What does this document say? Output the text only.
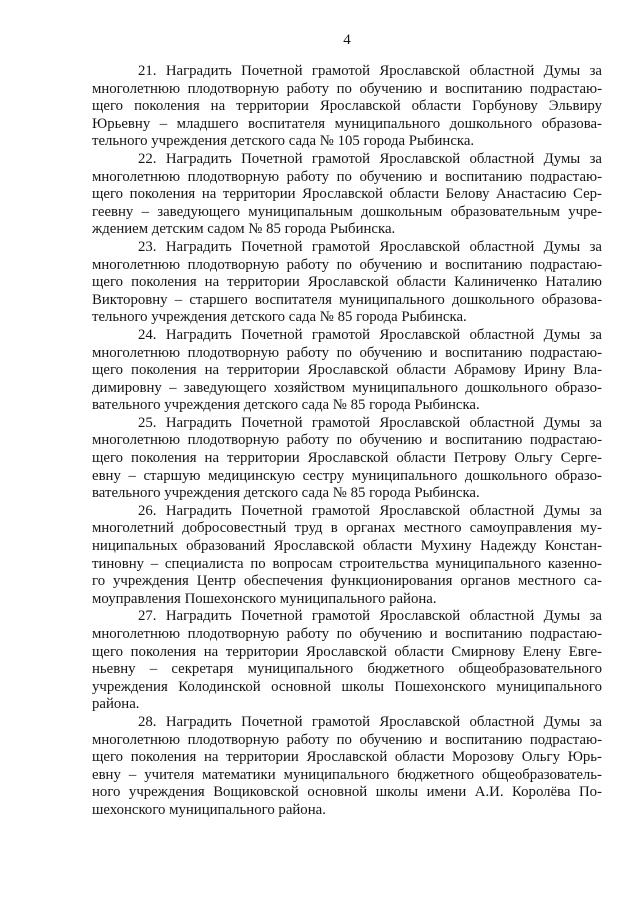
4
21. Наградить Почетной грамотой Ярославской областной Думы за
многолетнюю плодотворную работу по обучению и воспитанию подрастаю-
щего поколения на территории Ярославской области Горбунову Эльвиру
Юрьевну – младшего воспитателя муниципального дошкольного образова-
тельного учреждения детского сада № 105 города Рыбинска.
22. Наградить Почетной грамотой Ярославской областной Думы за
многолетнюю плодотворную работу по обучению и воспитанию подрастаю-
щего поколения на территории Ярославской области Белову Анастасию Сер-
геевну – заведующего муниципальным дошкольным образовательным учре-
ждением детским садом № 85 города Рыбинска.
23. Наградить Почетной грамотой Ярославской областной Думы за
многолетнюю плодотворную работу по обучению и воспитанию подрастаю-
щего поколения на территории Ярославской области Калиниченко Наталию
Викторовну – старшего воспитателя муниципального дошкольного образова-
тельного учреждения детского сада № 85 города Рыбинска.
24. Наградить Почетной грамотой Ярославской областной Думы за
многолетнюю плодотворную работу по обучению и воспитанию подрастаю-
щего поколения на территории Ярославской области Абрамову Ирину Вла-
димировну – заведующего хозяйством муниципального дошкольного образо-
вательного учреждения детского сада № 85 города Рыбинска.
25. Наградить Почетной грамотой Ярославской областной Думы за
многолетнюю плодотворную работу по обучению и воспитанию подрастаю-
щего поколения на территории Ярославской области Петрову Ольгу Серге-
евну – старшую медицинскую сестру муниципального дошкольного образо-
вательного учреждения детского сада № 85 города Рыбинска.
26. Наградить Почетной грамотой Ярославской областной Думы за
многолетний добросовестный труд в органах местного самоуправления му-
ниципальных образований Ярославской области Мухину Надежду Констан-
тиновну – специалиста по вопросам строительства муниципального казенно-
го учреждения Центр обеспечения функционирования органов местного са-
моуправления Пошехонского муниципального района.
27. Наградить Почетной грамотой Ярославской областной Думы за
многолетнюю плодотворную работу по обучению и воспитанию подрастаю-
щего поколения на территории Ярославской области Смирнову Елену Евге-
ньевну – секретаря муниципального бюджетного общеобразовательного
учреждения Колодинской основной школы Пошехонского муниципального
района.
28. Наградить Почетной грамотой Ярославской областной Думы за
многолетнюю плодотворную работу по обучению и воспитанию подрастаю-
щего поколения на территории Ярославской области Морозову Ольгу Юрь-
евну – учителя математики муниципального бюджетного общеобразователь-
ного учреждения Вощиковской основной школы имени А.И. Королёва По-
шехонского муниципального района.
